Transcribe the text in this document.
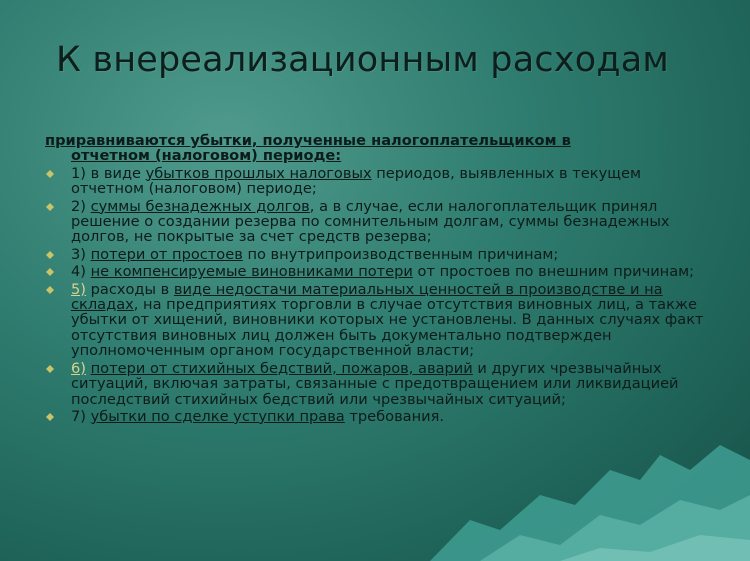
К внереализационным расходам
приравниваются убытки, полученные налогоплательщиком в
отчетном (налоговом) периоде:
1) в виде убытков прошлых налоговых периодов, выявленных в текущем отчетном (налоговом) периоде;
2) суммы безнадежных долгов, а в случае, если налогоплательщик принял решение о создании резерва по сомнительным долгам, суммы безнадежных долгов, не покрытые за счет средств резерва;
3) потери от простоев по внутрипроизводственным причинам;
4) не компенсируемые виновниками потери от простоев по внешним причинам;
5) расходы в виде недостачи материальных ценностей в производстве и на складах, на предприятиях торговли в случае отсутствия виновных лиц, а также убытки от хищений, виновники которых не установлены. В данных случаях факт отсутствия виновных лиц должен быть документально подтвержден уполномоченным органом государственной власти;
6) потери от стихийных бедствий, пожаров, аварий и других чрезвычайных ситуаций, включая затраты, связанные с предотвращением или ликвидацией последствий стихийных бедствий или чрезвычайных ситуаций;
7) убытки по сделке уступки права требования.
